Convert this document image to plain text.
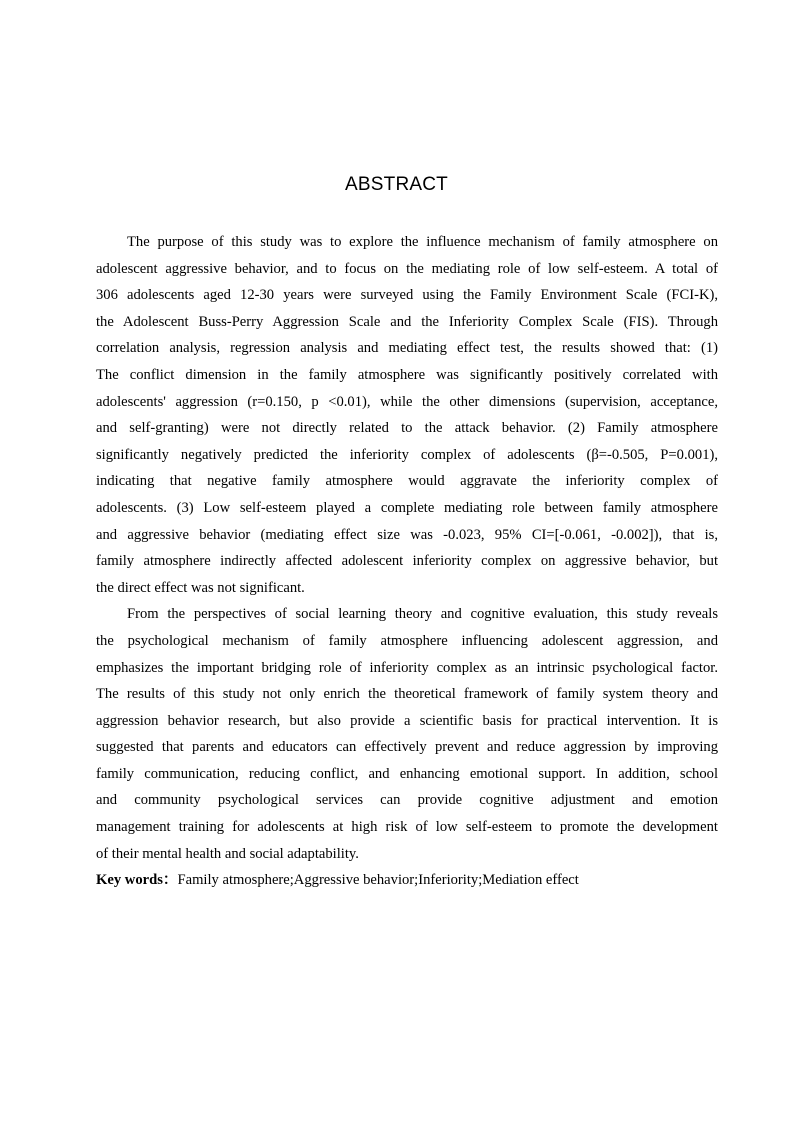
ABSTRACT
The purpose of this study was to explore the influence mechanism of family atmosphere on
adolescent aggressive behavior, and to focus on the mediating role of low self-esteem. A total of
306 adolescents aged 12-30 years were surveyed using the Family Environment Scale (FCI-K),
the Adolescent Buss-Perry Aggression Scale and the Inferiority Complex Scale (FIS). Through
correlation analysis, regression analysis and mediating effect test, the results showed that: (1)
The conflict dimension in the family atmosphere was significantly positively correlated with
adolescents' aggression (r=0.150, p <0.01), while the other dimensions (supervision, acceptance,
and self-granting) were not directly related to the attack behavior. (2) Family atmosphere
significantly negatively predicted the inferiority complex of adolescents (β=-0.505, P=0.001),
indicating that negative family atmosphere would aggravate the inferiority complex of
adolescents. (3) Low self-esteem played a complete mediating role between family atmosphere
and aggressive behavior (mediating effect size was -0.023, 95% CI=[-0.061, -0.002]), that is,
family atmosphere indirectly affected adolescent inferiority complex on aggressive behavior, but
the direct effect was not significant.
From the perspectives of social learning theory and cognitive evaluation, this study reveals
the psychological mechanism of family atmosphere influencing adolescent aggression, and
emphasizes the important bridging role of inferiority complex as an intrinsic psychological factor.
The results of this study not only enrich the theoretical framework of family system theory and
aggression behavior research, but also provide a scientific basis for practical intervention. It is
suggested that parents and educators can effectively prevent and reduce aggression by improving
family communication, reducing conflict, and enhancing emotional support. In addition, school
and community psychological services can provide cognitive adjustment and emotion
management training for adolescents at high risk of low self-esteem to promote the development
of their mental health and social adaptability.
Key words：Family atmosphere;Aggressive behavior;Inferiority;Mediation effect
